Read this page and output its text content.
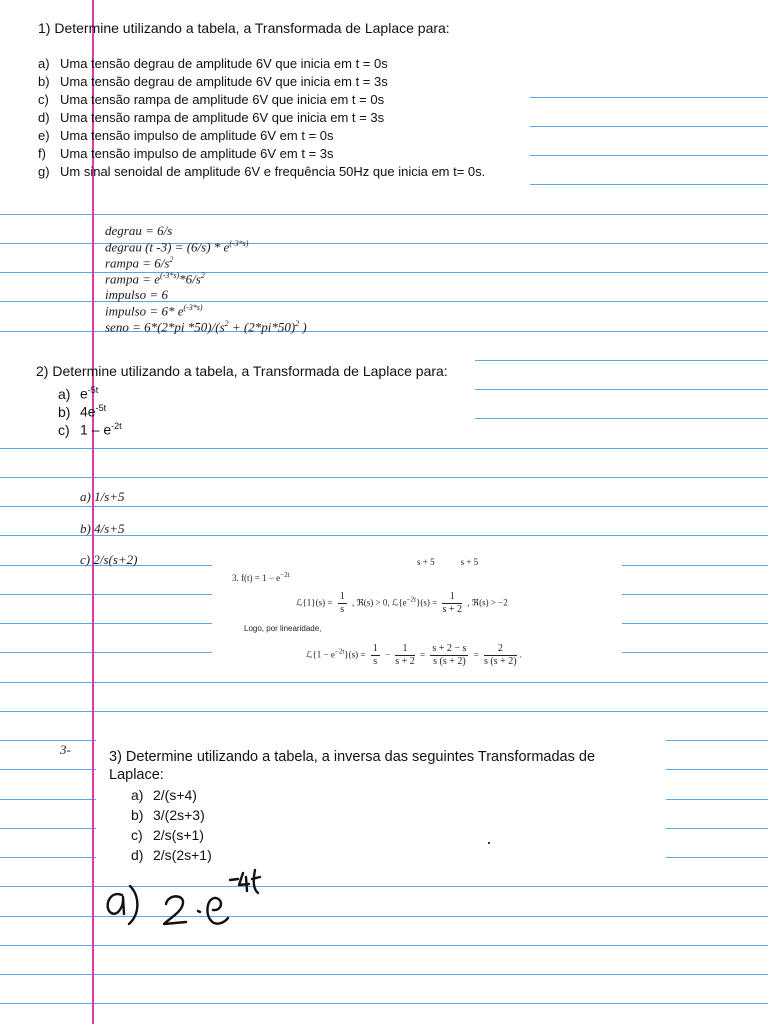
1) Determine utilizando a tabela, a Transformada de Laplace para:
a) Uma tensão degrau de amplitude 6V que inicia em t = 0s
b) Uma tensão degrau de amplitude 6V que inicia em t = 3s
c) Uma tensão rampa de amplitude 6V que inicia em t = 0s
d) Uma tensão rampa de amplitude 6V que inicia em t = 3s
e) Uma tensão impulso de amplitude 6V em t = 0s
f) Uma tensão impulso de amplitude 6V em t = 3s
g) Um sinal senoidal de amplitude 6V e frequência 50Hz que inicia em t= 0s.
degrau = 6/s
degrau (t $-3) = (6/s) * e^{(-3*s)}$
rampa = $6/s^2$
rampa = $e^{(-3*s)}*6/s^2$
impulso = 6
impulso = 6* $e^{(-3*s)}$
seno = 6*(2*pi $*50)/(s^2 + (2*pi*50)^2$ )
2) Determine utilizando a tabela, a Transformada de Laplace para:
a) $e^{-5t}$
b) $4e^{-5t}$
c) $1 - e^{-2t}$
a) 1/s+5
b) 4/s+5
c) 2/s(s+2)	s + 5	s + 5
3. $f(t) = 1 - e^{-2t}$
ℒ{1}(s) = $\frac{1}{s}$ , ℜ(s) > 0, $ℒ\{e^{-2t}\}(s) = \frac{1}{s + 2}$ , ℜ(s) > −2
Logo, por linearidade,
ℒ{1 − $e^{-2t}\}(s) = \frac{1}{s} - \frac{1}{s + 2} = \frac{s + 2 - s}{s (s + 2)} = \frac{2}{s (s + 2)}$ .
3-	3) Determine utilizando a tabela, a inversa das seguintes Transformadas de
Laplace:
a) 2/(s+4)
b) 3/(2s+3)
c) 2/s(s+1)
d) 2/s(2s+1)
